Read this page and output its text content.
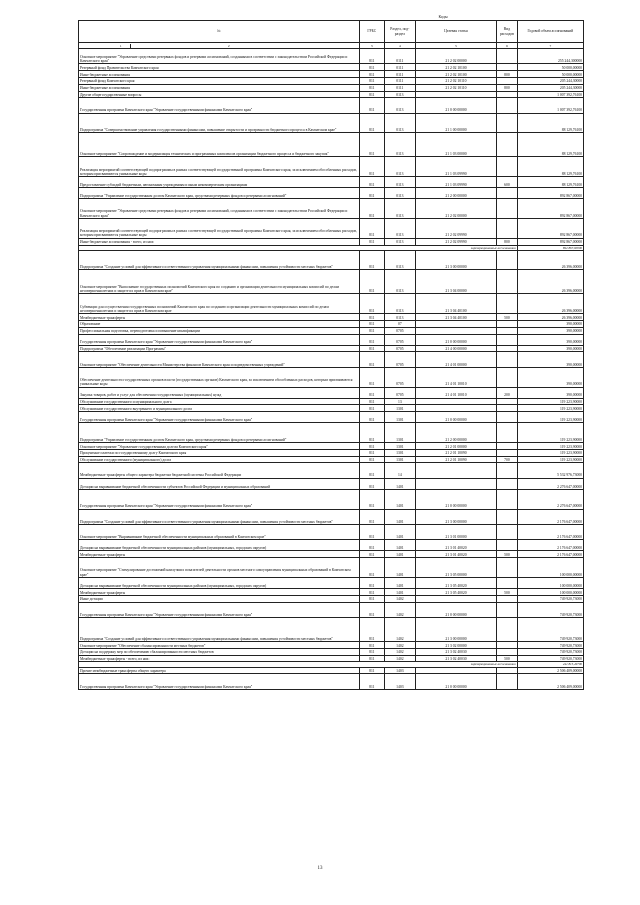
Коды
№	ГРБС	Раздел, под-раздел	Целевая статья	Вид расходов	Годовой объем ассигнований
1 2	3	4	5	6	7
Основное мероприятие "Управление средствами резервных фондов и резервами ассигнований, созданными в соответствии с законодательством Российской Федерации и Камчатского края"	811	0111	21 2 02 00000		255 244,300000
Резервный фонд Правительства Камчатского края	811	0111	21 2 02 10100		50 000,00000
Иные бюджетные ассигнования	811	0111	21 2 02 10100	800	50 000,00000
Резервный фонд Камчатского края	811	0111	21 2 02 10110		205 244,30000
Иные бюджетные ассигнования	811	0111	21 2 02 10110	800	205 244,30000
Другие общегосударственные вопросы	811	0113			1 007 392,76100
Государственная программа Камчатского края "Управление государственными финансами Камчатского края"	811	0113	21 0 00 00000		1 007 392,76100
Подпрограмма "Совершенствование управления государственными финансами, повышение открытости и прозрачности бюджетного процесса в Камчатском крае"	811	0113	21 1 00 00000		88 129,76100
Основное мероприятие "Сопровождение и модернизация технических и программных комплексов организации бюджетного процесса и бюджетного закупок"	811	0113	21 1 03 00000		88 129,76100
Реализация мероприятий соответствующей подпрограммы в рамках соответствующей государственной программы Камчатского края, за исключением обособленных расходов, которым присваиваются уникальные коды	811	0113	21 1 03 09990		88 129,76100
Предоставление субсидий бюджетным, автономным учреждениям и иным некоммерческим организациям	811	0113	21 1 03 09990	600	88 129,76100
Подпрограмма "Управление государственным долгом Камчатского края, средствами резервных фондов и резервами ассигнований"	811	0113	21 2 00 00000		892 867,00000
Основное мероприятие "Управление средствами резервных фондов и резервами ассигнований, созданными в соответствии с законодательством Российской Федерации и Камчатского края"	811	0113	21 2 02 00000		892 867,00000
Реализация мероприятий соответствующей подпрограммы в рамках соответствующей государственной программы Камчатского края, за исключением обособленных расходов, которым присваиваются уникальные коды	811	0113	21 2 02 09990		892 867,00000
Иные бюджетные ассигнования - всего, из них:	811	0113	21 2 02 09990	800	892 867,00000
зарезервированные ассигнования					892 867,00000
Подпрограмма "Создание условий для эффективного и ответственного управления муниципальными финансами, повышения устойчивости местных бюджетов"	811	0113	21 3 00 00000		26 396,00000
Основное мероприятие "Выполнение государственных полномочий Камчатского края по созданию и организации деятельности муниципальных комиссий по делам несовершеннолетних и защите их прав в Камчатском крае"	811	0113	21 3 04 00000		26 396,00000
Субвенции для осуществления государственных полномочий Камчатского края по созданию и организации деятельности муниципальных комиссий по делам несовершеннолетних и защите их прав в Камчатском крае	811	0113	21 3 04 40100		26 396,00000
Межбюджетные трансферты	811	0113	21 3 04 40100	500	26 396,00000
Образование	811	07			390,00000
Профессиональная подготовка, переподготовка и повышение квалификации	811	0705			390,00000
Государственная программа Камчатского края "Управление государственными финансами Камчатского края"	811	0705	21 0 00 00000		390,00000
Подпрограмма "Обеспечение реализации Программы"	811	0705	21 4 00 00000		390,00000
Основное мероприятие "Обеспечение деятельности Министерства финансов Камчатского края и подведомственных учреждений"	811	0705	21 4 01 00000		390,00000
Обеспечение деятельности государственных органов власти (государственных органов) Камчатского края, за исключением обособленных расходов, которым присваиваются уникальные коды	811	0705	21 4 01 10010		390,00000
Закупка товаров, работ и услуг для обеспечения государственных (муниципальных) нужд	811	0705	21 4 01 10010	200	390,00000
Обслуживание государственного и муниципального долга	811	13			119 223,90000
Обслуживание государственного внутреннего и муниципального долга	811	1301			119 223,90000
Государственная программа Камчатского края "Управление государственными финансами Камчатского края"	811	1301	21 0 00 00000		119 223,90000
Подпрограмма "Управление государственным долгом Камчатского края, средствами резервных фондов и резервами ассигнований"	811	1301	21 2 00 00000		119 223,90000
Основное мероприятие "Управление государственным долгом Камчатского края"	811	1301	21 2 01 00000		119 223,90000
Процентные платежи по государственному долгу Камчатского края	811	1301	21 2 01 10090		119 223,90000
Обслуживание государственного (муниципального) долга	811	1301	21 2 01 10090	700	119 223,90000
Межбюджетные трансферты общего характера бюджетам бюджетной системы Российской Федерации	811	14			5 532 976,73000
Дотации на выравнивание бюджетной обеспеченности субъектов Российской Федерации и муниципальных образований	811	1401			2 276 647,00000
Государственная программа Камчатского края "Управление государственными финансами Камчатского края"	811	1401	21 0 00 00000		2 276 647,00000
Подпрограмма "Создание условий для эффективного и ответственного управления муниципальными финансами, повышения устойчивости местных бюджетов"	811	1401	21 3 00 00000		2 176 647,00000
Основное мероприятие "Выравнивание бюджетной обеспеченности муниципальных образований в Камчатском крае"	811	1401	21 3 01 00000		2 176 647,00000
Дотации на выравнивание бюджетной обеспеченности муниципальных районов (муниципальных, городских округов)	811	1401	21 3 01 40020		2 176 647,00000
Межбюджетные трансферты	811	1401	21 3 01 40020	500	2 176 647,00000
Основное мероприятие "Стимулирование достижений наилучших показателей деятельности органов местного самоуправления муниципальных образований в Камчатском крае"	811	1401	21 3 05 00000		100 000,00000
Дотации на выравнивание бюджетной обеспеченности муниципальных районов (муниципальных, городских округов)	811	1401	21 3 05 40020		100 000,00000
Межбюджетные трансферты	811	1401	21 3 05 40020	500	100 000,00000
Иные дотации	811	1402			749 920,73000
Государственная программа Камчатского края "Управление государственными финансами Камчатского края"	811	1402	21 0 00 00000		749 920,73000
Подпрограмма "Создание условий для эффективного и ответственного управления муниципальными финансами, повышения устойчивости местных бюджетов"	811	1402	21 3 00 00000		749 920,73000
Основное мероприятие "Обеспечение сбалансированности местных бюджетов"	811	1402	21 3 02 00000		749 920,73000
Дотации на поддержку мер по обеспечению сбалансированности местных бюджетов	811	1402	21 3 02 40030		749 920,73000
Межбюджетные трансферты - всего, из них:	811	1402	21 3 02 40030	500	749 920,73000
зарезервированные ассигнования					441 815,49700
Прочие межбюджетные трансферты общего характера	811	1403			2 506 409,00000
Государственная программа Камчатского края "Управление государственными финансами Камчатского края"	811	1403	21 0 00 00000		2 506 409,00000
13
